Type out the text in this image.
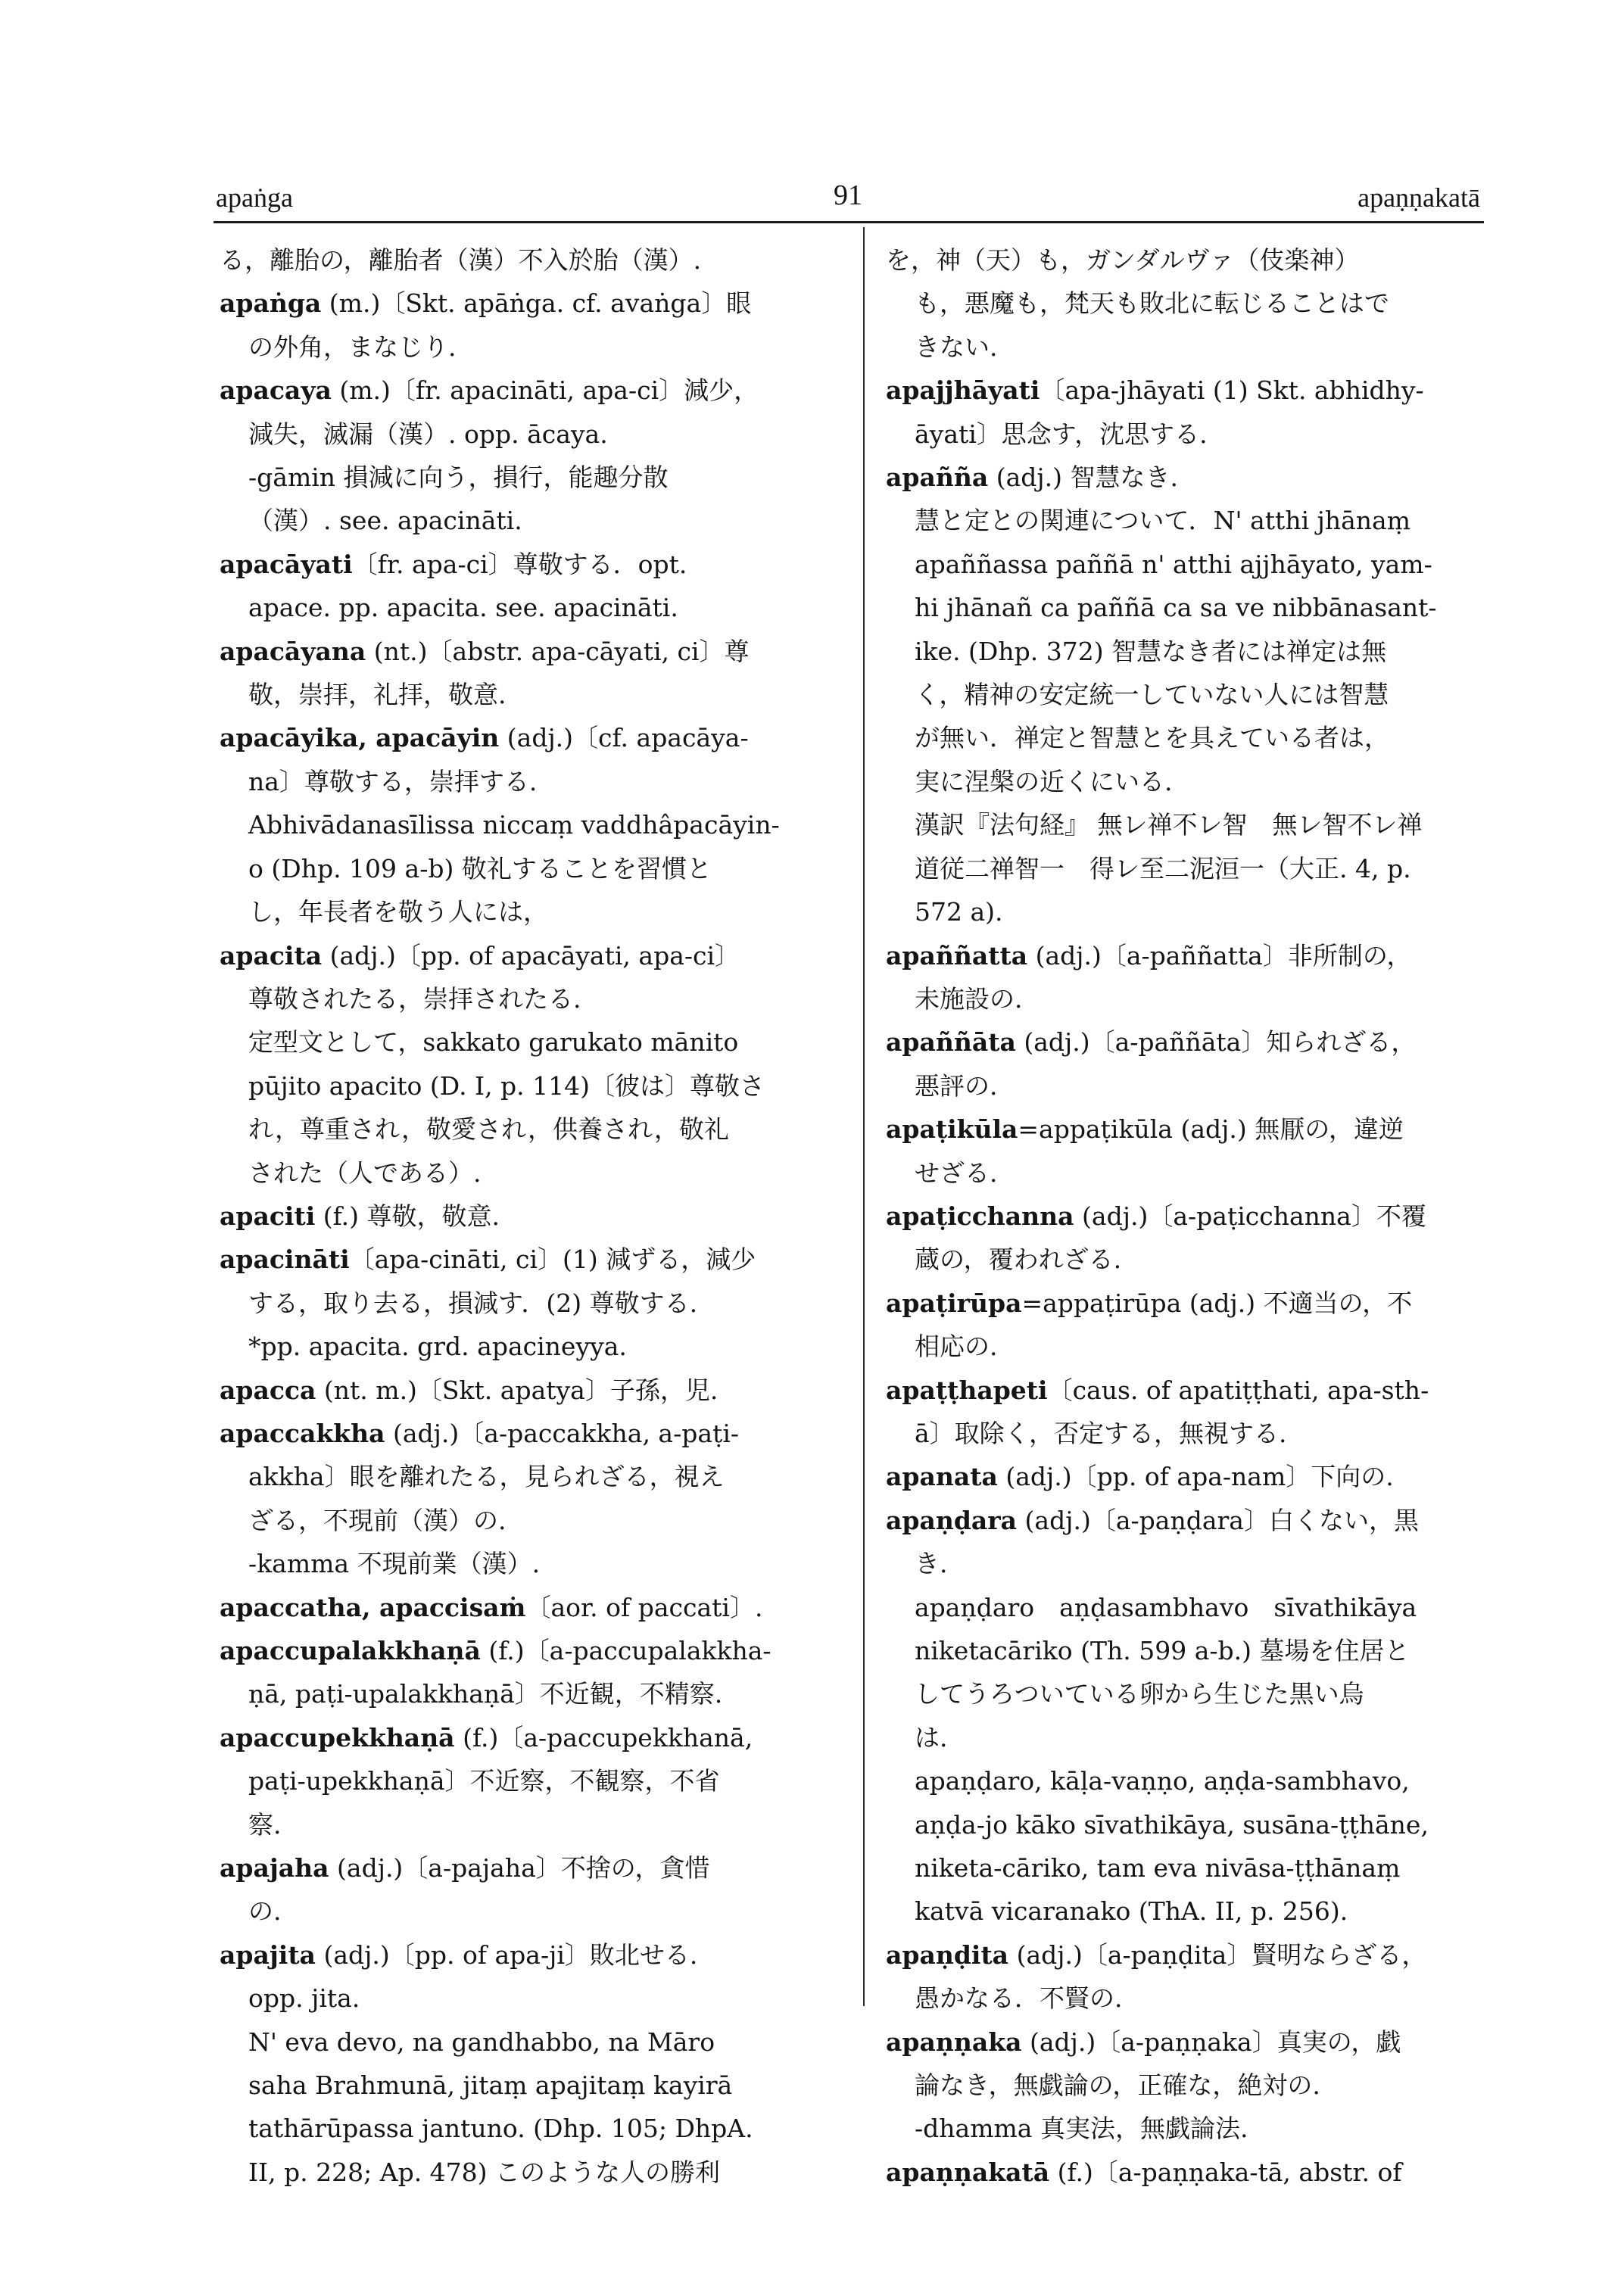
apaṅga	91	apaṇṇakatā
る，離胎の，離胎者（漢）不入於胎（漢）.
apaṅga (m.)〔Skt. apāṅga. cf. avaṅga〕眼
の外角，まなじり.
apacaya (m.)〔fr. apacināti, apa-ci〕減少，
減失，滅漏（漢）. opp. ācaya.
-gāmin 損減に向う，損行，能趣分散
（漢）. see. apacināti.
apacāyati〔fr. apa-ci〕尊敬する．opt.
apace. pp. apacita. see. apacināti.
apacāyana (nt.)〔abstr. apa-cāyati, ci〕尊
敬，崇拝，礼拝，敬意.
apacāyika, apacāyin (adj.)〔cf. apacāya-
na〕尊敬する，崇拝する.
Abhivādanasīlissa niccaṃ vaddhâpacāyin-
o (Dhp. 109 a-b) 敬礼することを習慣と
し，年長者を敬う人には，
apacita (adj.)〔pp. of apacāyati, apa-ci〕
尊敬されたる，崇拝されたる.
定型文として，sakkato garukato mānito
pūjito apacito (D. I, p. 114)〔彼は〕尊敬さ
れ，尊重され，敬愛され，供養され，敬礼
された（人である）.
apaciti (f.) 尊敬，敬意.
apacināti〔apa-cināti, ci〕(1) 減ずる，減少
する，取り去る，損減す．(2) 尊敬する.
*pp. apacita. grd. apacineyya.
apacca (nt. m.)〔Skt. apatya〕子孫，児.
apaccakkha (adj.)〔a-paccakkha, a-paṭi-
akkha〕眼を離れたる，見られざる，視え
ざる，不現前（漢）の.
-kamma 不現前業（漢）.
apaccatha, apaccisaṁ〔aor. of paccati〕.
apaccupalakkhaṇā (f.)〔a-paccupalakkha-
ṇā, paṭi-upalakkhaṇā〕不近観，不精察.
apaccupekkhaṇā (f.)〔a-paccupekkhanā,
paṭi-upekkhaṇā〕不近察，不観察，不省
察.
apajaha (adj.)〔a-pajaha〕不捨の，貪惜
の.
apajita (adj.)〔pp. of apa-ji〕敗北せる.
opp. jita.
N' eva devo, na gandhabbo, na Māro
saha Brahmunā, jitaṃ apajitaṃ kayirā
tathārūpassa jantuno. (Dhp. 105; DhpA.
II, p. 228; Ap. 478) このような人の勝利
を，神（天）も，ガンダルヴァ（伎楽神）
も，悪魔も，梵天も敗北に転じることはで
きない.
apajjhāyati〔apa-jhāyati (1) Skt. abhidhy-
āyati〕思念す，沈思する.
apañña (adj.) 智慧なき.
慧と定との関連について．N' atthi jhānaṃ
apaññassa paññā n' atthi ajjhāyato, yam-
hi jhānañ ca paññā ca sa ve nibbānasant-
ike. (Dhp. 372) 智慧なき者には禅定は無
く，精神の安定統一していない人には智慧
が無い．禅定と智慧とを具えている者は，
実に涅槃の近くにいる.
漢訳『法句経』 無レ禅不レ智　無レ智不レ禅
道従二禅智一　得レ至二泥洹一（大正. 4, p.
572 a).
apaññatta (adj.)〔a-paññatta〕非所制の，
未施設の.
apaññāta (adj.)〔a-paññāta〕知られざる，
悪評の.
apaṭikūla=appaṭikūla (adj.) 無厭の，違逆
せざる.
apaṭicchanna (adj.)〔a-paṭicchanna〕不覆
蔵の，覆われざる.
apaṭirūpa=appaṭirūpa (adj.) 不適当の，不
相応の.
apaṭṭhapeti〔caus. of apatiṭṭhati, apa-sth-
ā〕取除く，否定する，無視する.
apanata (adj.)〔pp. of apa-nam〕下向の.
apaṇḍara (adj.)〔a-paṇḍara〕白くない，黒
き.
apaṇḍaro　aṇḍasambhavo　sīvathikāya
niketacāriko (Th. 599 a-b.) 墓場を住居と
してうろついている卵から生じた黒い烏
は.
apaṇḍaro, kāḷa-vaṇṇo, aṇḍa-sambhavo,
aṇḍa-jo kāko sīvathikāya, susāna-ṭṭhāne,
niketa-cāriko, tam eva nivāsa-ṭṭhānaṃ
katvā vicaranako (ThA. II, p. 256).
apaṇḍita (adj.)〔a-paṇḍita〕賢明ならざる，
愚かなる．不賢の.
apaṇṇaka (adj.)〔a-paṇṇaka〕真実の，戯
論なき，無戯論の，正確な，絶対の.
-dhamma 真実法，無戯論法.
apaṇṇakatā (f.)〔a-paṇṇaka-tā, abstr. of
